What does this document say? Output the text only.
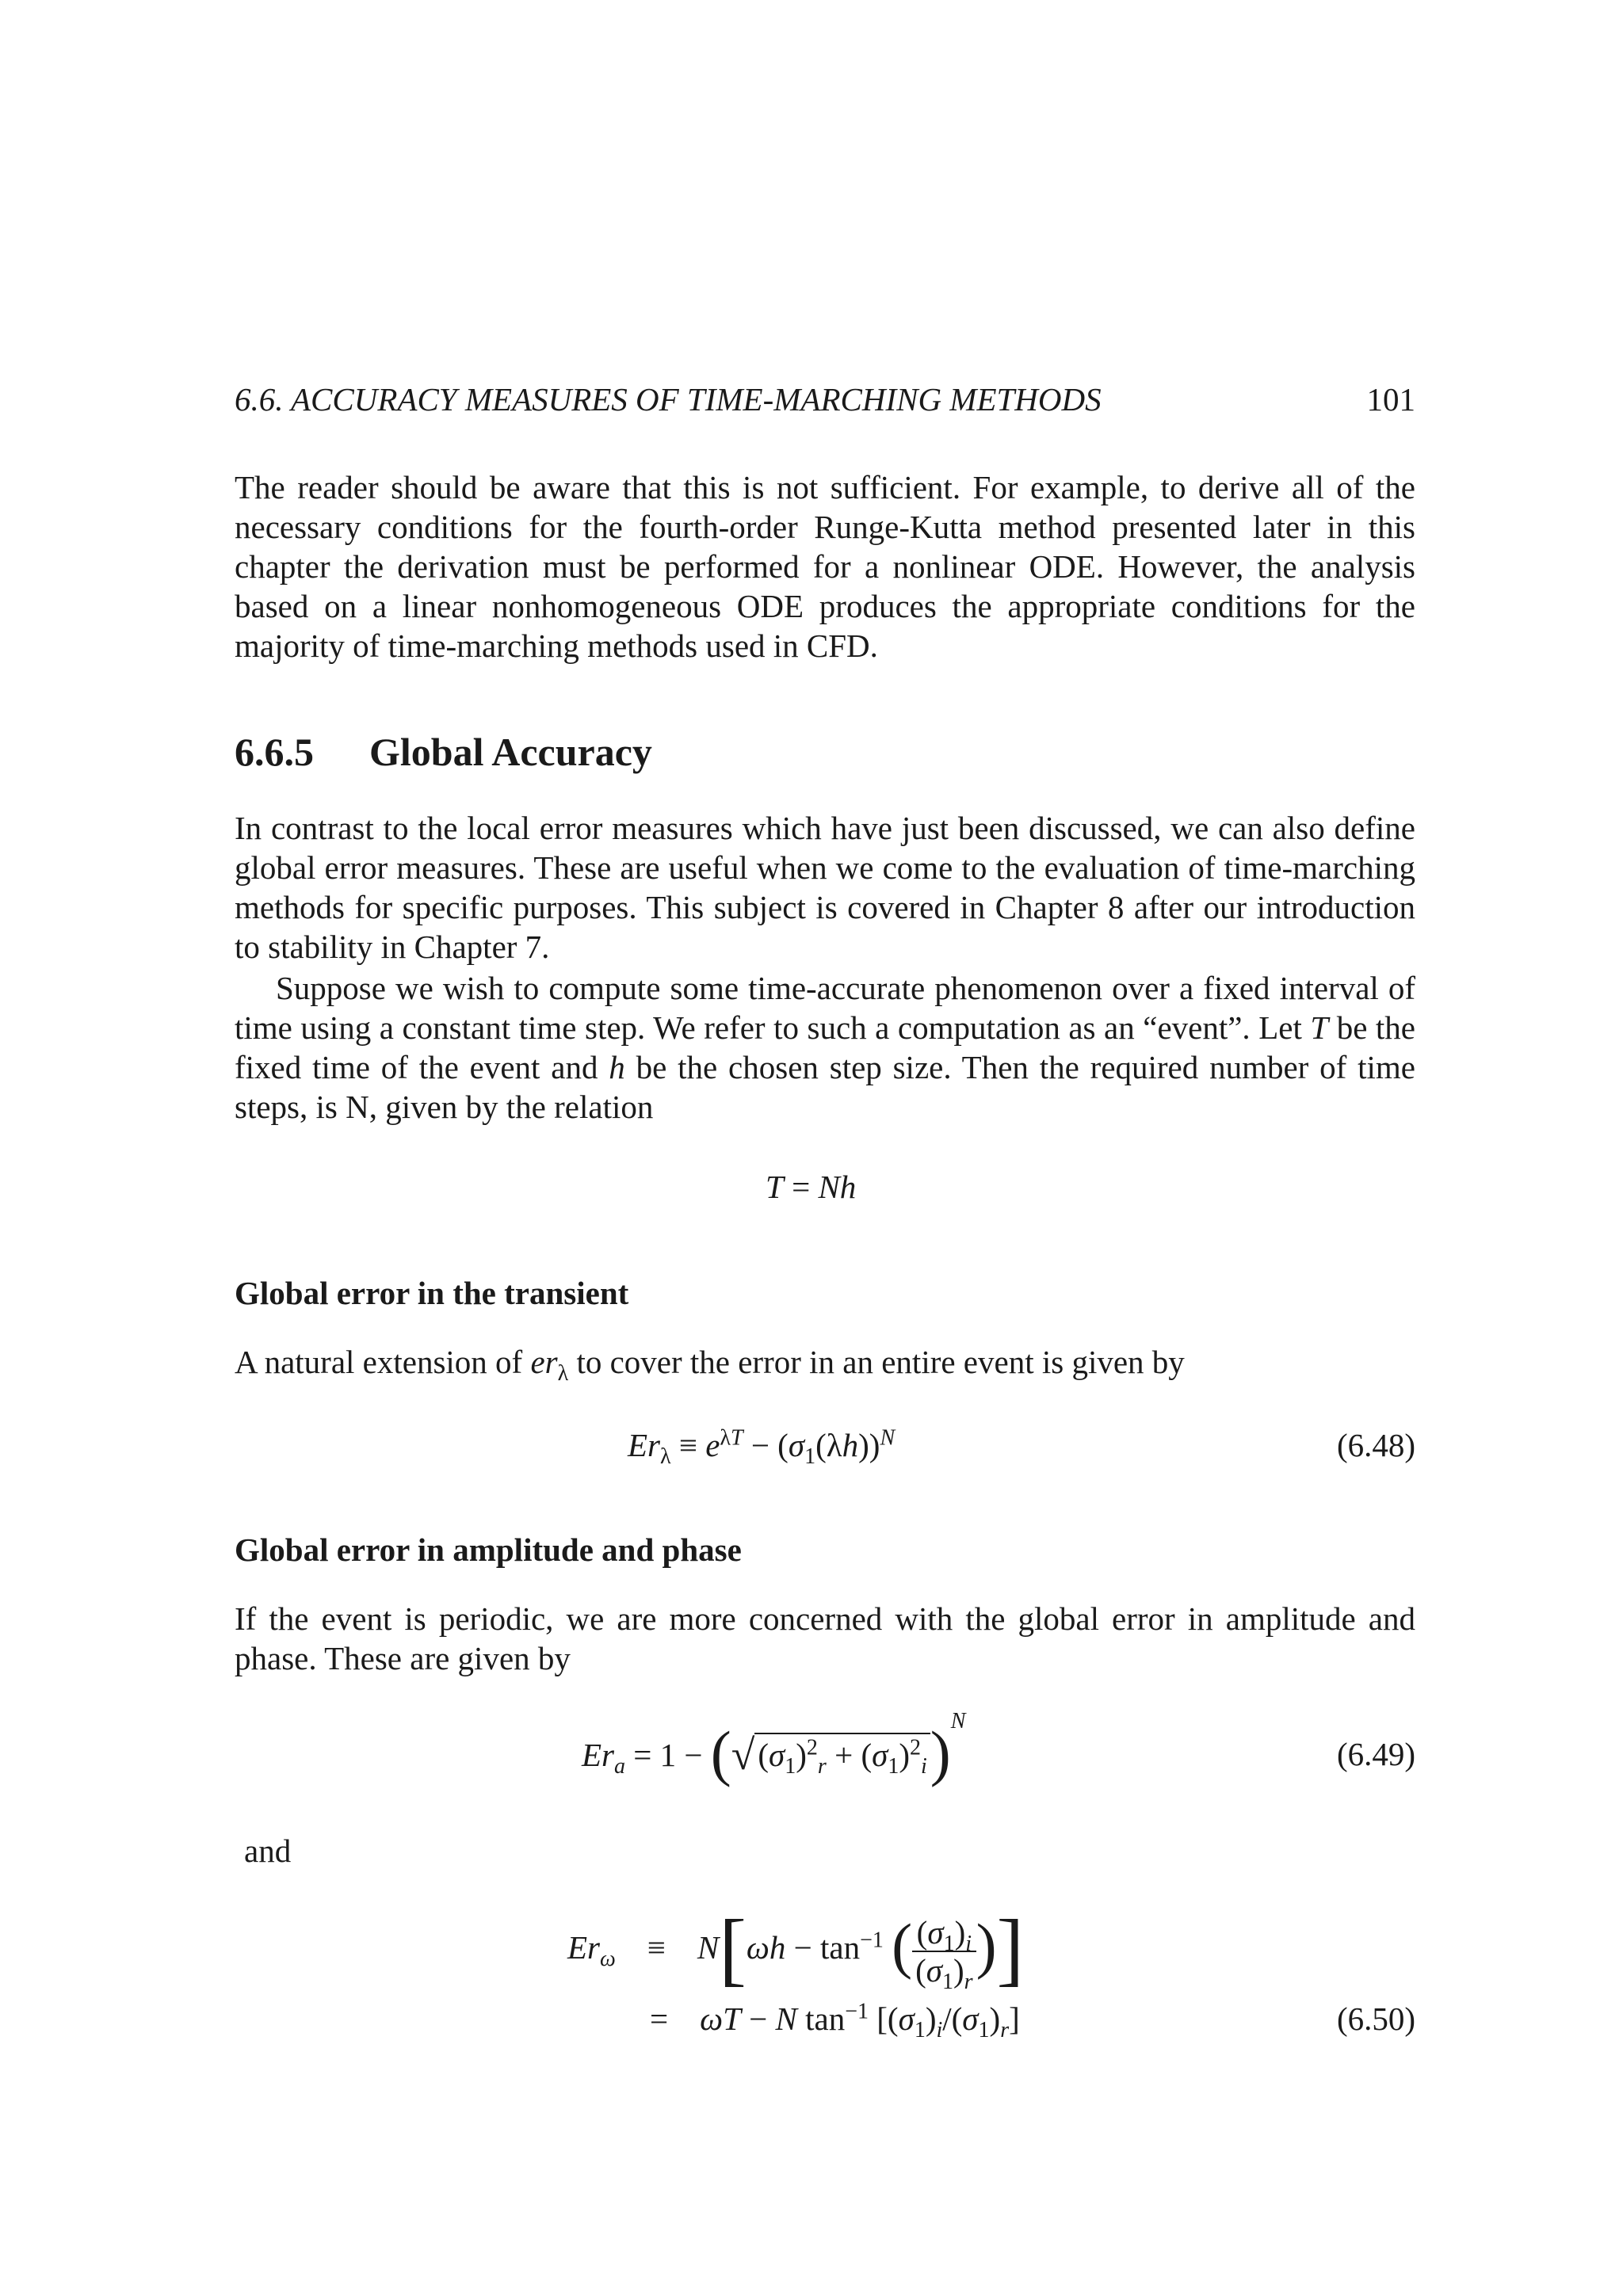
6.6. ACCURACY MEASURES OF TIME-MARCHING METHODS	101

The reader should be aware that this is not sufficient. For example, to derive all of the necessary conditions for the fourth-order Runge-Kutta method presented later in this chapter the derivation must be performed for a nonlinear ODE. However, the analysis based on a linear nonhomogeneous ODE produces the appropriate conditions for the majority of time-marching methods used in CFD.

6.6.5 Global Accuracy

In contrast to the local error measures which have just been discussed, we can also define global error measures. These are useful when we come to the evaluation of time-marching methods for specific purposes. This subject is covered in Chapter 8 after our introduction to stability in Chapter 7.

Suppose we wish to compute some time-accurate phenomenon over a fixed interval of time using a constant time step. We refer to such a computation as an “event”. Let T be the fixed time of the event and h be the chosen step size. Then the required number of time steps, is N, given by the relation

T = Nh
Global error in the transient

A natural extension of $er_\lambda$ to cover the error in an entire event is given by

$Er_\lambda \equiv e^{\lambda T} - (\sigma_1(\lambda h))^N$	(6.48)
Global error in amplitude and phase

If the event is periodic, we are more concerned with the global error in amplitude and phase. These are given by

$Er_a = 1 - (√(\sigma_1)^2_r + (\sigma_1)^2_i)^N$
(6.49)
and
$Er_\omega \equiv N[\omega h - \tan^{-1}$ ( $\frac{(\sigma_1)_i}{(\sigma_1)_r}$ )]
= ωT − N $\tan^{-1} [(\sigma_1)_i/(\sigma_1)_r]$	(6.50)
